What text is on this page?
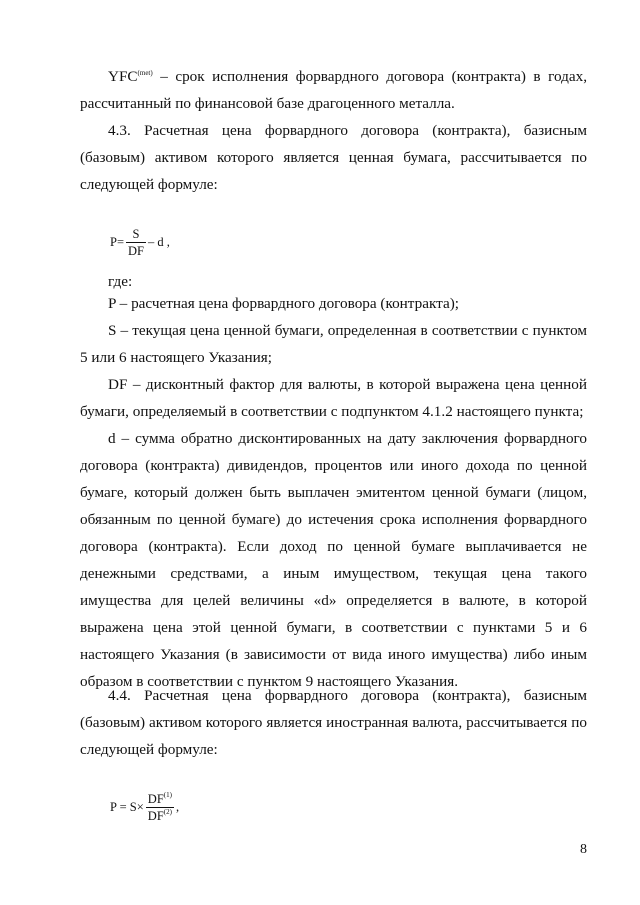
$YFC^{(met)}$ – срок исполнения форвардного договора (контракта) в годах, рассчитанный по финансовой базе драгоценного металла.

4.3. Расчетная цена форвардного договора (контракта), базисным (базовым) активом которого является ценная бумага, рассчитывается по следующей формуле:

$P= \frac{S}{DF} - d$ ,

где:

P – расчетная цена форвардного договора (контракта);

S – текущая цена ценной бумаги, определенная в соответствии с пунктом 5 или 6 настоящего Указания;

DF – дисконтный фактор для валюты, в которой выражена цена ценной бумаги, определяемый в соответствии с подпунктом 4.1.2 настоящего пункта;

d – сумма обратно дисконтированных на дату заключения форвардного договора (контракта) дивидендов, процентов или иного дохода по ценной бумаге, который должен быть выплачен эмитентом ценной бумаги (лицом, обязанным по ценной бумаге) до истечения срока исполнения форвардного договора (контракта). Если доход по ценной бумаге выплачивается не денежными средствами, а иным имуществом, текущая цена такого имущества для целей величины «d» определяется в валюте, в которой выражена цена этой ценной бумаги, в соответствии с пунктами 5 и 6 настоящего Указания (в зависимости от вида иного имущества) либо иным образом в соответствии с пунктом 9 настоящего Указания.

4.4. Расчетная цена форвардного договора (контракта), базисным (базовым) активом которого является иностранная валюта, рассчитывается по следующей формуле:

$P = S\times \frac{DF^{(1)}}{DF^{(2)}}$ ,
8
